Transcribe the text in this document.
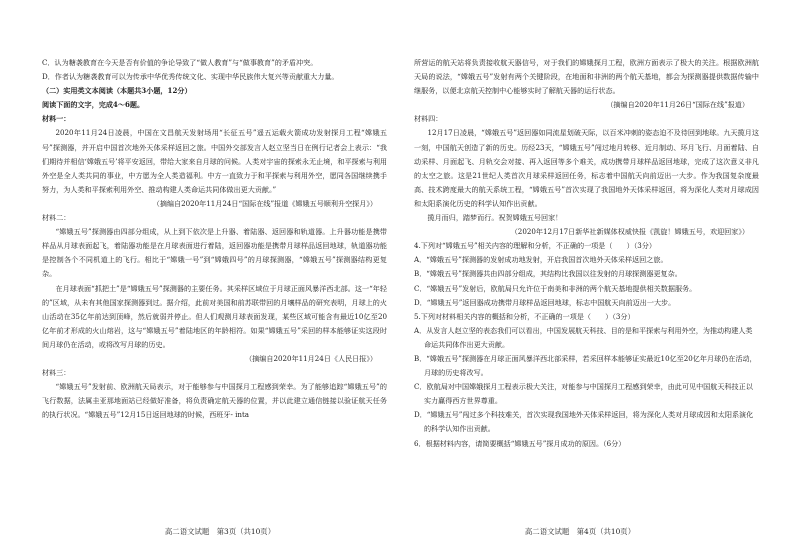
C．认为糖袭教育在今天是否有价值的争论导致了“做人教育”与“做事教育”的矛盾冲突。

D．作者认为糖袭教育可以为传承中华优秀传统文化、实现中华民族伟大复兴等贡献重大力量。

（二）实用类文本阅读（本题共3小题，12分）

阅读下面的文字，完成4～6题。

材料一：

2020年11月24日凌晨，中国在文昌航天发射场用“长征五号”遥五运载火箭成功发射探月工程“嫦娥五号”探测器，并开启中国首次地外天体采样返回之旅。中国外交部发言人赵立坚当日在例行记者会上表示：“我们期待并相信‘嫦娥五号’将平安返回，带给大家来自月球的问候。人类对宇宙的探索永无止境，和平探索与利用外空是全人类共同的事业，中方愿为全人类造福利。中方一直致力于和平探索与利用外空，愿同各国继续携手努力，为人类和平探索利用外空、推动构建人类命运共同体做出更大贡献。”

（摘编自2020年11月24日“国际在线”报道《嫦娥五号顺利升空探月》）

材料二：

“嫦娥五号”探测器由四部分组成，从上到下依次是上升器、着陆器、返回器和轨道器。上升器功能是携带样品从月球表面起飞，着陆器功能是在月球表面进行着陆，返回器功能是携带月球样品返回地球，轨道器功能是控制各个不同机道上的飞行。相比于“嫦娥一号”到“嫦娥四号”的月球探测器，“嫦娥五号”探测器结构更复杂。

在月球表面“抓把土”是“嫦娥五号”探测器的主要任务。其采样区域位于月球正面风暴洋西北部。这一“年轻的”区域，从未有其他国家探测器到过。据介绍，此前对美国和前苏联带回的月壤样品的研究表明，月球上的火山活动在35亿年前达到顶峰，然后就弱并停止。但人们观测月球表面发现，某些区域可能含有最近10亿至20亿年前才形成的火山熔岩，这与“嫦娥五号”着陆地区的年龄相符。如果“嫦娥五号”采回的样本能够证实这段时间月球仍在活动，或将改写月球的历史。

（摘编自2020年11月24日《人民日报》）

材料三：

“嫦娥五号”发射前、欧洲航天局表示，对于能够参与中国探月工程感到荣幸。为了能够追踪“嫦娥五号”的飞行数据，法属圭亚那地面站已经做好准备，将负责确定航天器的位置，并以此建立通信链接以验证航天任务的执行状况。“嫦娥五号”12月15日返回地球的时候，西班牙- inta

高二语文试题　第3页（共10页）

所营运的航天站将负责接收航天器信号，对于我们的嫦娥探月工程，欧洲方面表示了极大的关注。根据欧洲航天局的说法，“嫦娥五号”发射有两个关键阶段，在地面和非洲的两个航天基地，都会为探测器提供数据传输中继服务，以便北京航天控制中心能够实时了解航天器的运行状态。

（摘编自2020年11月26日“国际在线”报道）

材料四：

12月17日凌晨，“嫦娥五号”返回器如同流星划破天际，以百米冲刺的姿态迫不及待回到地球。九天揽月这一刻，中国航天创造了新的历史。历经23天，“嫦娥五号”闯过地月转移、近月制动、环月飞行、月面着陆、自动采样、月面起飞、月轨交会对接、再入返回等多个难关，成功携带月球样品返回地球，完成了这次意义非凡的太空之旅。这是21世纪人类首次月球采样返回任务，标志着中国航天向前迈出一大步。作为我国复杂度最高、技术跨度最大的航天系统工程，“嫦娥五号”首次实现了我国地外天体采样返回，将为深化人类对月球成因和太阳系演化历史的科学认知作出贡献。

揽月而归，踏梦而行。祝贺嫦娥五号回家！

（2020年12月17日新华社新媒体权威快报《凯旋！嫦娥五号，欢迎回家》）

4.下列对“嫦娥五号”相关内容的理解和分析，不正确的一项是（　　）（3分）

A．“嫦娥五号”探测器的发射成功地发射，开启我国首次地外天体采样返回之旅。

B．“嫦娥五号”探测器共由四部分组成，其结构比我国以往发射的月球探测器更复杂。

C．“嫦娥五号”发射后，欧航局只允许位于南美和非洲的两个航天基地提供相关数据服务。

D．“嫦娥五号”返回器成功携带月球样品返回地球，标志中国航天向前迈出一大步。

5.下列对材料相关内容的概括和分析，不正确的一项是（　　）（3分）

A．从发言人赵立坚的表态我们可以看出，中国发展航天科技、目的是和平探索与利用外空，为推动构建人类命运共同体作出更大贡献。

B．“嫦娥五号”探测器在月球正面风暴洋西北部采样，若采回样本能够证实最近10亿至20亿年月球仍在活动，月球的历史将改写。

C．欧航局对中国嫦娥探月工程表示极大关注，对能参与中国探月工程感到荣幸，由此可见中国航天科技正以实力赢得西方世界尊重。

D．“嫦娥五号”闯过多个科技难关，首次实现我国地外天体采样返回，将为深化人类对月球成因和太阳系演化的科学认知作出贡献。

6．根据材料内容，请简要概括“嫦娥五号”探月成功的原因。（6分）

高二语文试题　第4页（共10页）
